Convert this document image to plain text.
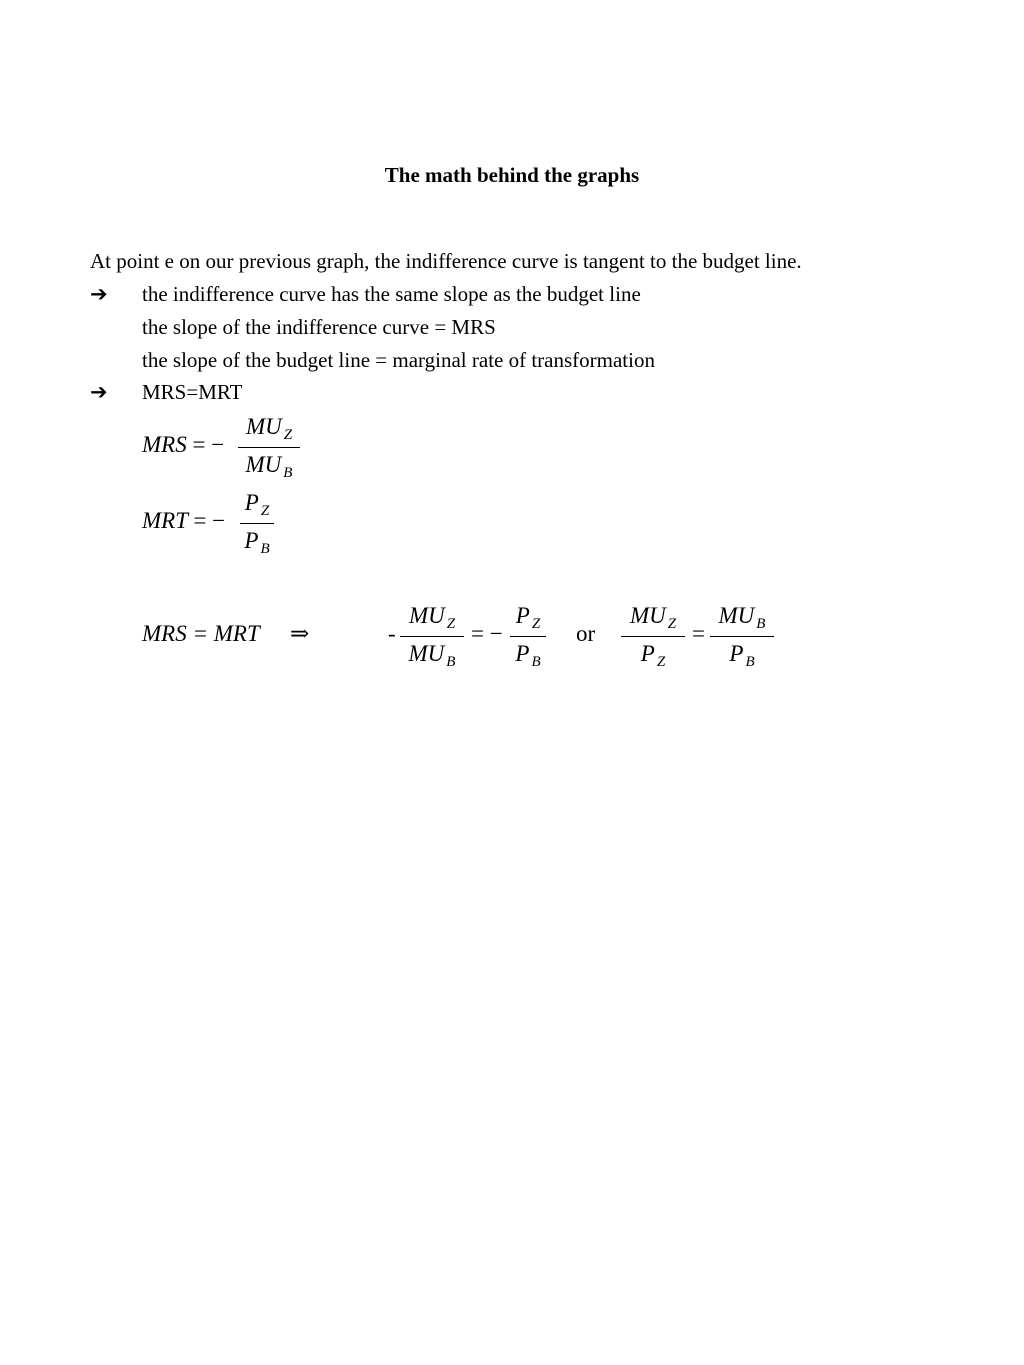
The math behind the graphs
At point e on our previous graph, the indifference curve is tangent to the budget line.
➔ the indifference curve has the same slope as the budget line
the slope of the indifference curve = MRS
the slope of the budget line = marginal rate of transformation
➔ MRS=MRT
MRS = −
MU $_Z$
MU $_B$
MRT = −
P $_Z$
P $_B$
MRS = MRT ⇒	-
MU $_Z$
MU $_B$
= −
P $_Z$
P $_B$
or
MU $_Z$
P $_Z$
=
MU $_B$
P $_B$
